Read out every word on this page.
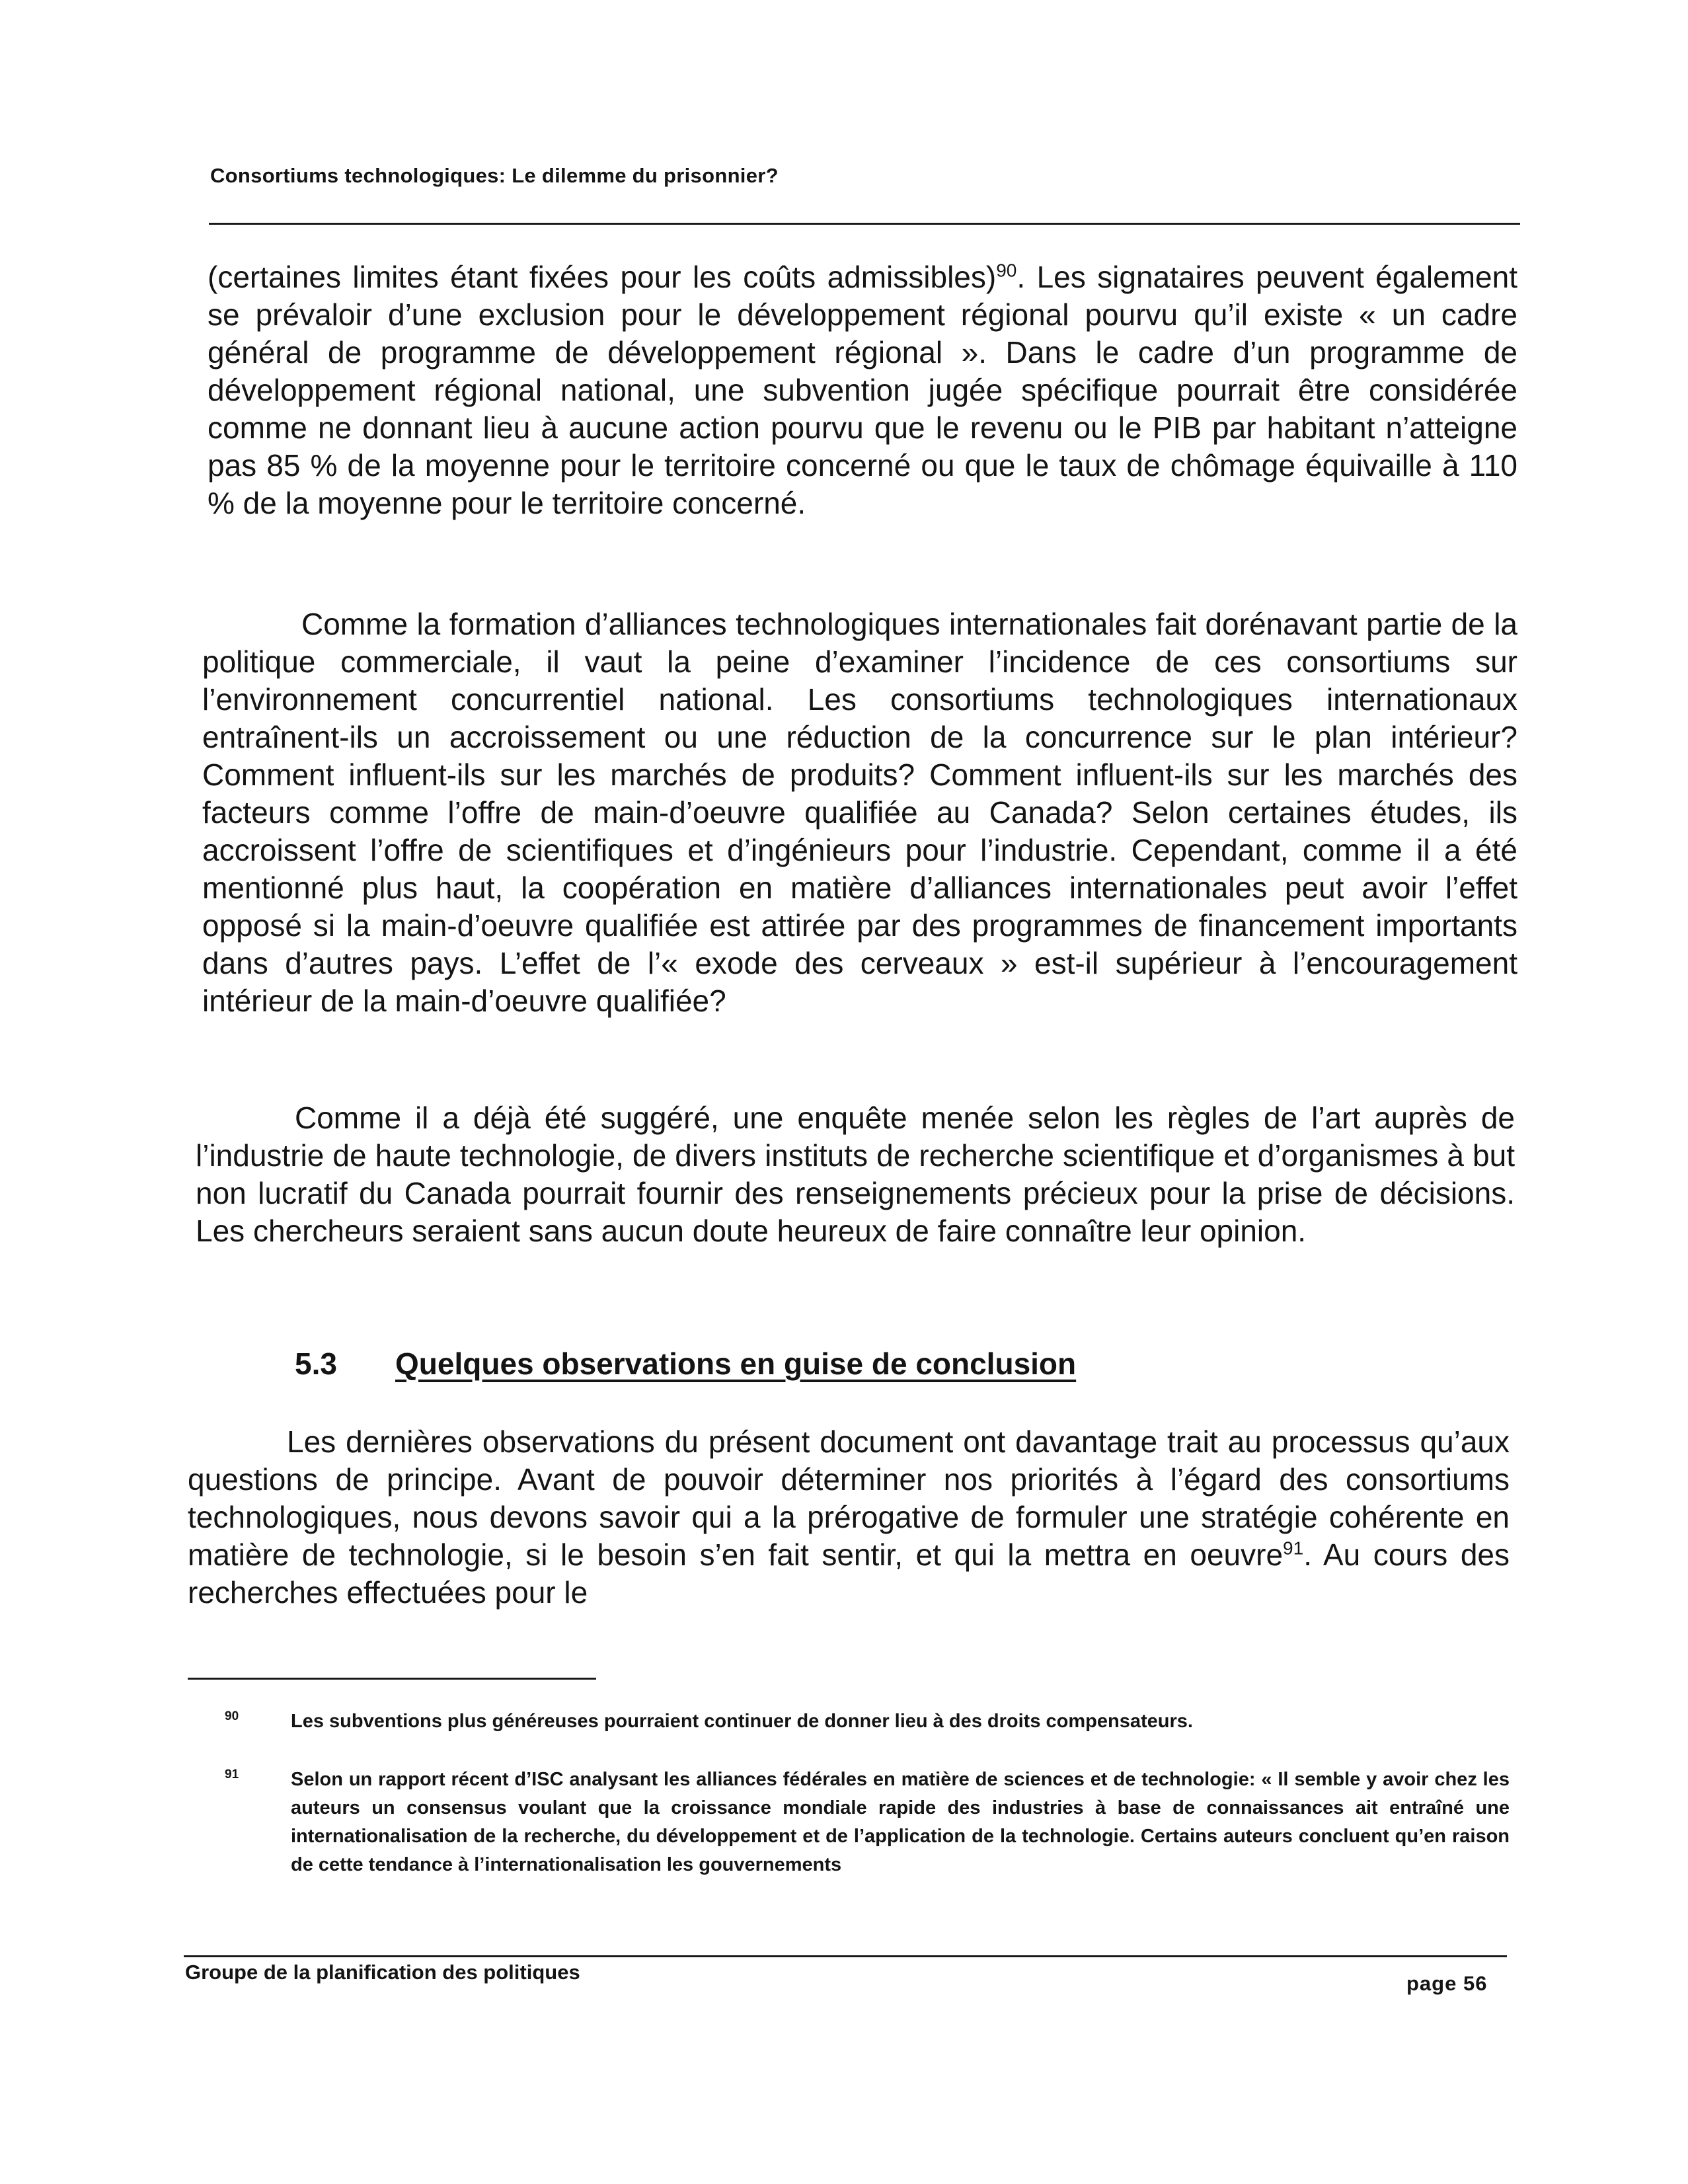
Consortiums technologiques: Le dilemme du prisonnier?

(certaines limites étant fixées pour les coûts admissibles)$^{90}$. Les signataires peuvent également se prévaloir d’une exclusion pour le développement régional pourvu qu’il existe « un cadre général de programme de développement régional ». Dans le cadre d’un programme de développement régional national, une subvention jugée spécifique pourrait être considérée comme ne donnant lieu à aucune action pourvu que le revenu ou le PIB par habitant n’atteigne pas 85 % de la moyenne pour le territoire concerné ou que le taux de chômage équivaille à 110 % de la moyenne pour le territoire concerné.

Comme la formation d’alliances technologiques internationales fait dorénavant partie de la politique commerciale, il vaut la peine d’examiner l’incidence de ces consortiums sur l’environnement concurrentiel national. Les consortiums technologiques internationaux entraînent-ils un accroissement ou une réduction de la concurrence sur le plan intérieur? Comment influent-ils sur les marchés de produits? Comment influent-ils sur les marchés des facteurs comme l’offre de main-d’oeuvre qualifiée au Canada? Selon certaines études, ils accroissent l’offre de scientifiques et d’ingénieurs pour l’industrie. Cependant, comme il a été mentionné plus haut, la coopération en matière d’alliances internationales peut avoir l’effet opposé si la main-d’oeuvre qualifiée est attirée par des programmes de financement importants dans d’autres pays. L’effet de l’« exode des cerveaux » est-il supérieur à l’encouragement intérieur de la main-d’oeuvre qualifiée?

Comme il a déjà été suggéré, une enquête menée selon les règles de l’art auprès de l’industrie de haute technologie, de divers instituts de recherche scientifique et d’organismes à but non lucratif du Canada pourrait fournir des renseignements précieux pour la prise de décisions. Les chercheurs seraient sans aucun doute heureux de faire connaître leur opinion.

5.3 Quelques observations en guise de conclusion

Les dernières observations du présent document ont davantage trait au processus qu’aux questions de principe. Avant de pouvoir déterminer nos priorités à l’égard des consortiums technologiques, nous devons savoir qui a la prérogative de formuler une stratégie cohérente en matière de technologie, si le besoin s’en fait sentir, et qui la mettra en oeuvre$^{91}$. Au cours des recherches effectuées pour le

90	Les subventions plus généreuses pourraient continuer de donner lieu à des droits compensateurs.
91	Selon un rapport récent d’ISC analysant les alliances fédérales en matière de sciences et de technologie: « Il semble y avoir chez les auteurs un consensus voulant que la croissance mondiale rapide des industries à base de connaissances ait entraîné une internationalisation de la recherche, du développement et de l’application de la technologie. Certains auteurs concluent qu’en raison de cette tendance à l’internationalisation les gouvernements
Groupe de la planification des politiques	page 56
